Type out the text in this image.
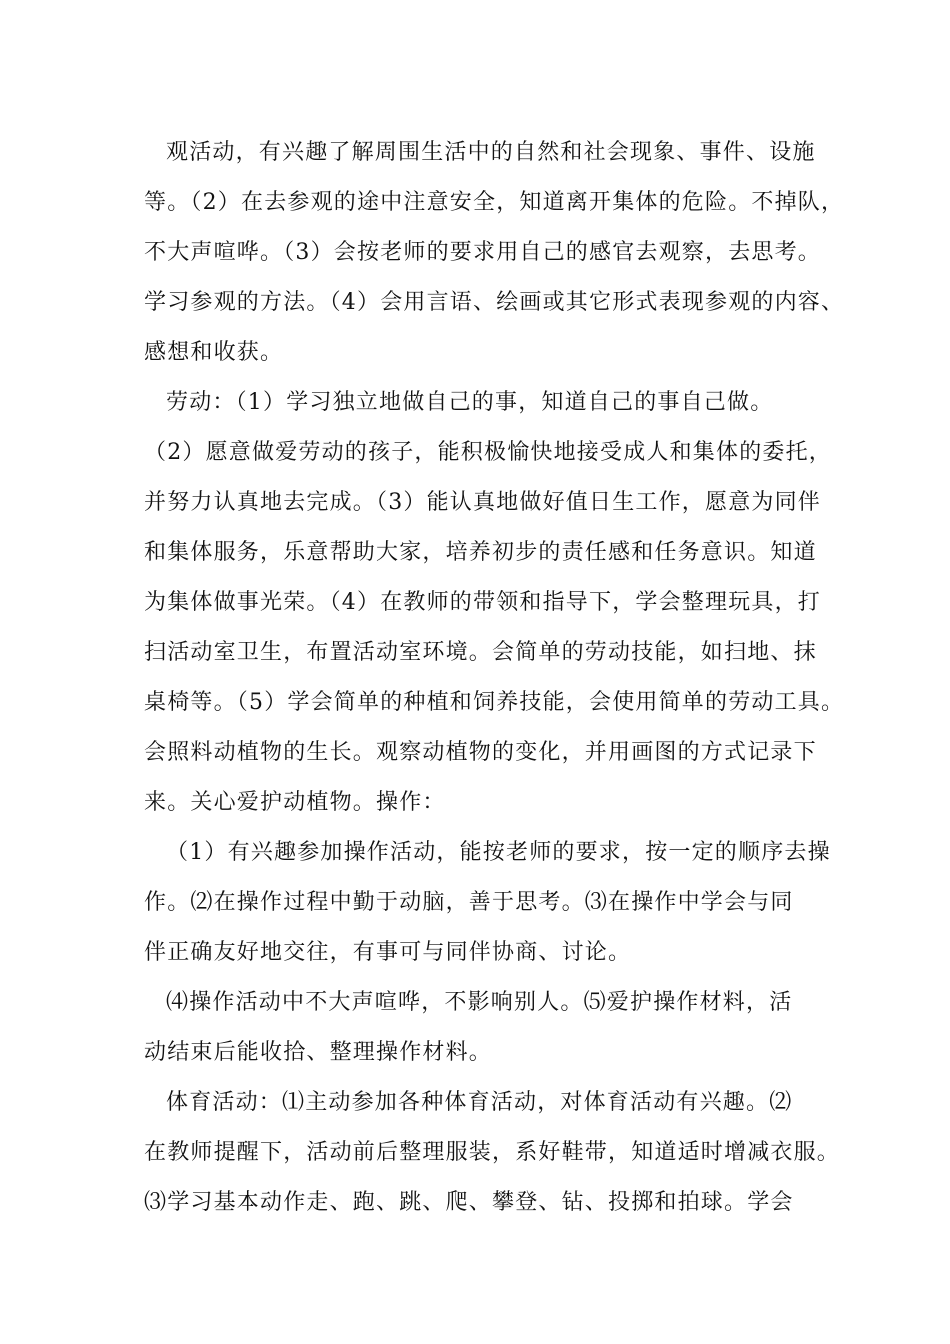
观活动，有兴趣了解周围生活中的自然和社会现象、事件、设施
等。（2）在去参观的途中注意安全，知道离开集体的危险。不掉队，
不大声喧哗。（3）会按老师的要求用自己的感官去观察，去思考。
学习参观的方法。（4）会用言语、绘画或其它形式表现参观的内容、
感想和收获。
劳动：（1）学习独立地做自己的事，知道自己的事自己做。
（2）愿意做爱劳动的孩子，能积极愉快地接受成人和集体的委托，
并努力认真地去完成。（3）能认真地做好值日生工作，愿意为同伴
和集体服务，乐意帮助大家，培养初步的责任感和任务意识。知道
为集体做事光荣。（4）在教师的带领和指导下，学会整理玩具，打
扫活动室卫生，布置活动室环境。会简单的劳动技能，如扫地、抹
桌椅等。（5）学会简单的种植和饲养技能，会使用简单的劳动工具。
会照料动植物的生长。观察动植物的变化，并用画图的方式记录下
来。关心爱护动植物。操作：
（1）有兴趣参加操作活动，能按老师的要求，按一定的顺序去操
作。⑵在操作过程中勤于动脑，善于思考。⑶在操作中学会与同
伴正确友好地交往，有事可与同伴协商、讨论。
⑷操作活动中不大声喧哗，不影响别人。⑸爱护操作材料，活
动结束后能收拾、整理操作材料。
体育活动：⑴主动参加各种体育活动，对体育活动有兴趣。⑵
在教师提醒下，活动前后整理服装，系好鞋带，知道适时增减衣服。
⑶学习基本动作走、跑、跳、爬、攀登、钻、投掷和拍球。学会
